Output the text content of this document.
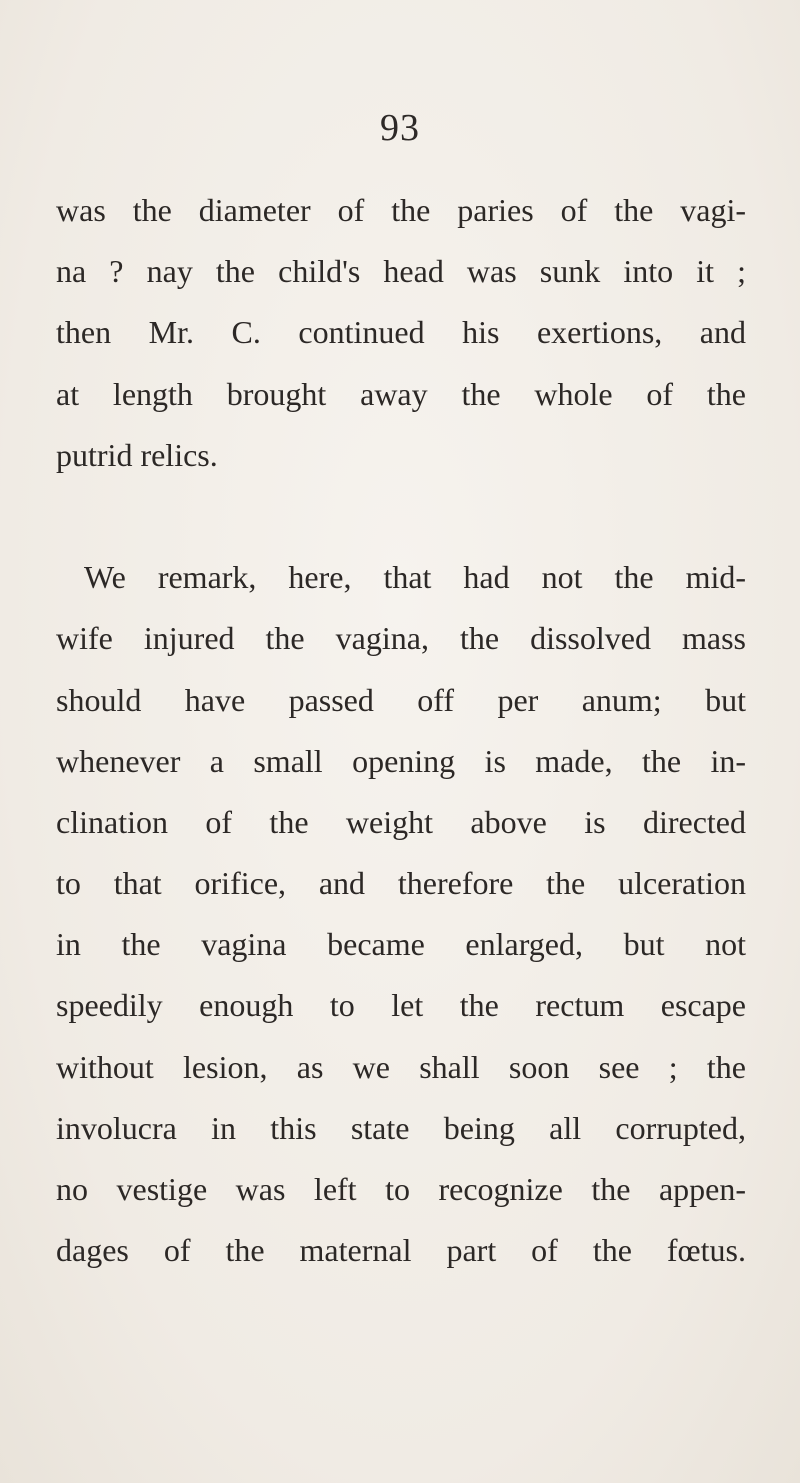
93
was the diameter of the paries of the vagi-
na ? nay the child's head was sunk into it ;
then Mr. C. continued his exertions, and
at length brought away the whole of the
putrid relics.
We remark, here, that had not the mid-
wife injured the vagina, the dissolved mass
should have passed off per anum; but
whenever a small opening is made, the in-
clination of the weight above is directed
to that orifice, and therefore the ulceration
in the vagina became enlarged, but not
speedily enough to let the rectum escape
without lesion, as we shall soon see ; the
involucra in this state being all corrupted,
no vestige was left to recognize the appen-
dages of the maternal part of the fœtus.
